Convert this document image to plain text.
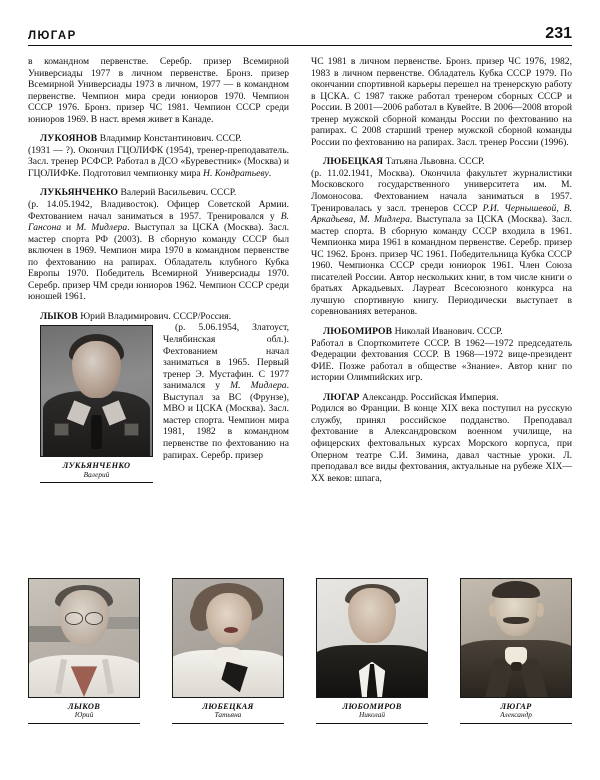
ЛЮГАР	231

в командном первенстве. Серебр. призер Всемирной Универсиады 1977 в личном первенстве. Бронз. призер Всемирной Универсиады 1973 в личном, 1977 — в командном первенстве. Чемпион мира среди юниоров 1970. Чемпион СССР 1976. Бронз. призер ЧС 1981. Чемпион СССР среди юниоров 1969. В наст. время живет в Канаде.

ЛУКОЯНОВ Владимир Константинович. СССР.
(1931 — ?). Окончил ГЦОЛИФК (1954), тренер-преподаватель. Засл. тренер РСФСР. Работал в ДСО «Буревестник» (Москва) и ГЦОЛИФКе. Подготовил чемпионку мира Н. Кондратьеву.

ЛУКЬЯНЧЕНКО Валерий Васильевич. СССР.
(р. 14.05.1942, Владивосток). Офицер Советской Армии. Фехтованием начал заниматься в 1957. Тренировался у В. Гансона и М. Мидлера. Выступал за ЦСКА (Москва). Засл. мастер спорта РФ (2003). В сборную команду СССР был включен в 1969. Чемпион мира 1970 в командном первенстве по фехтованию на рапирах. Обладатель клубного Кубка Европы 1970. Победитель Всемирной Универсиады 1970. Серебр. призер ЧМ среди юниоров 1962. Чемпион СССР среди юношей 1961.

ЛЫКОВ Юрий Владимирович. СССР/Россия.

ЛУКЬЯНЧЕНКО
Валерий

(р. 5.06.1954, Златоуст, Челябинская обл.). Фехтованием начал заниматься в 1965. Первый тренер Э. Мустафин. С 1977 занимался у М. Мидлера. Выступал за ВС (Фрунзе), МВО и ЦСКА (Москва). Засл. мастер спорта. Чемпион мира 1981, 1982 в командном первенстве по фехтованию на рапирах. Серебр. призер

ЧС 1981 в личном первенстве. Бронз. призер ЧС 1976, 1982, 1983 в личном первенстве. Обладатель Кубка СССР 1979. По окончании спортивной карьеры перешел на тренерскую работу в ЦСКА. С 1987 также работал тренером сборных СССР и России. В 2001—2006 работал в Кувейте. В 2006—2008 второй тренер мужской сборной команды России по фехтованию на рапирах. С 2008 старший тренер мужской сборной команды России по фехтованию на рапирах. Засл. тренер России (1996).

ЛЮБЕЦКАЯ Татьяна Львовна. СССР.
(р. 11.02.1941, Москва). Окончила факультет журналистики Московского государственного университета им. М. Ломоносова. Фехтованием начала заниматься в 1957. Тренировалась у засл. тренеров СССР Р.И. Чернышевой, В. Аркадьева, М. Мидлера. Выступала за ЦСКА (Москва). Засл. мастер спорта. В сборную команду СССР входила в 1961. Чемпионка мира 1961 в командном первенстве. Серебр. призер ЧС 1962. Бронз. призер ЧС 1961. Победительница Кубка СССР 1960. Чемпионка СССР среди юниорок 1961. Член Союза писателей России. Автор нескольких книг, в том числе книги о братьях Аркадьевых. Лауреат Всесоюзного конкурса на лучшую спортивную книгу. Периодически выступает в соревнованиях ветеранов.

ЛЮБОМИРОВ Николай Иванович. СССР.
Работал в Спорткомитете СССР. В 1962—1972 председатель Федерации фехтования СССР. В 1968—1972 вице-президент ФИЕ. Позже работал в обществе «Знание». Автор книг по истории Олимпийских игр.

ЛЮГАР Александр. Российская Империя.
Родился во Франции. В конце XIX века поступил на русскую службу, принял российское подданство. Преподавал фехтование в Александровском военном училище, на офицерских фехтовальных курсах Морского корпуса, при Оперном театре С.И. Зимина, давал частные уроки. Л. преподавал все виды фехтования, актуальные на рубеже XIX—XX веков: шпага,

ЛЫКОВ
Юрий
ЛЮБЕЦКАЯ
Татьяна
ЛЮБОМИРОВ
Николай
ЛЮГАР
Александр
